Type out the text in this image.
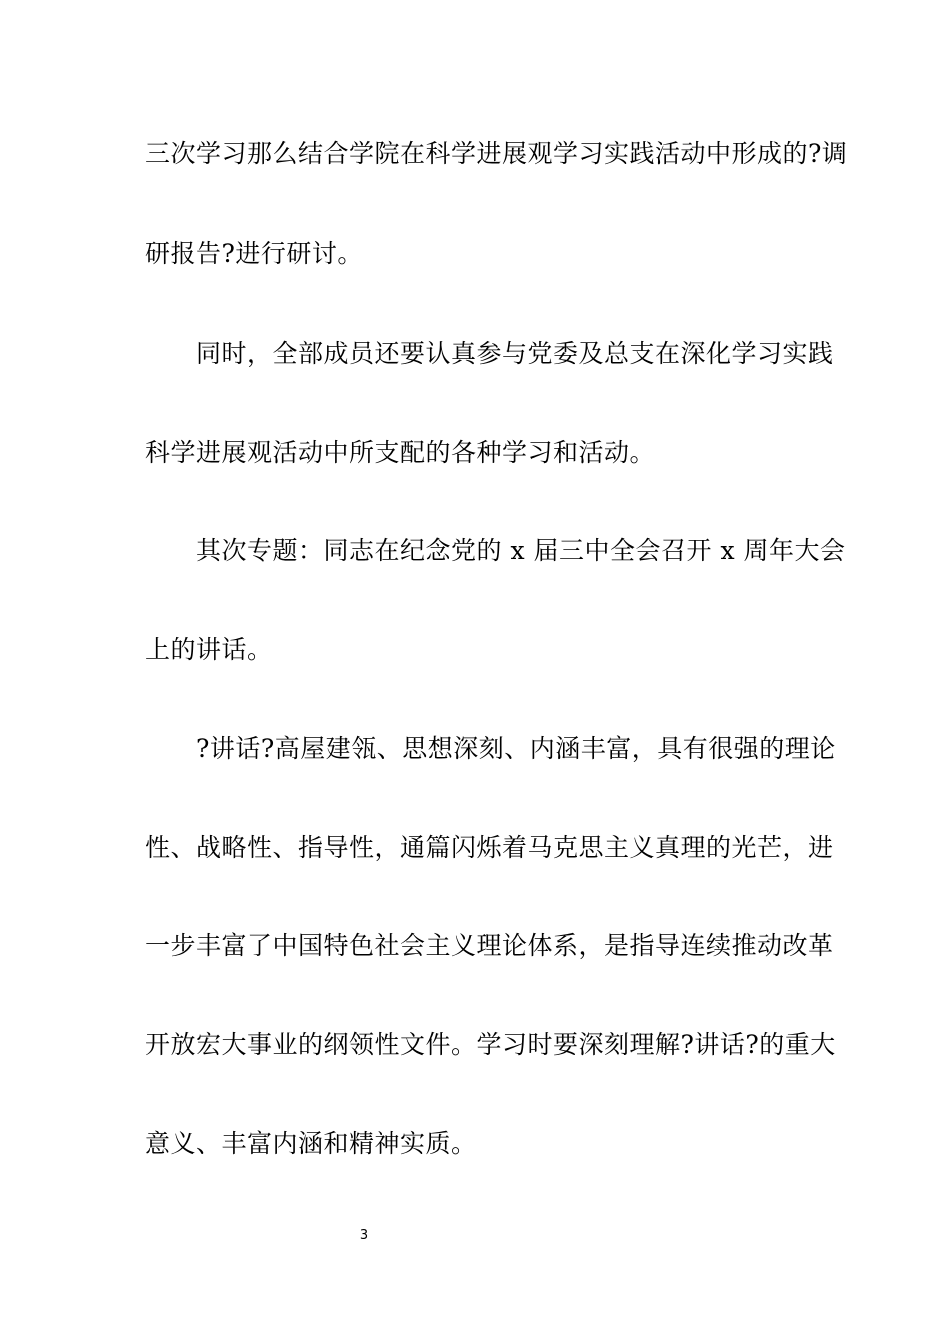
三次学习那么结合学院在科学进展观学习实践活动中形成的?调
研报告?进行研讨。
　　同时，全部成员还要认真参与党委及总支在深化学习实践
科学进展观活动中所支配的各种学习和活动。
　　其次专题：同志在纪念党的 x 届三中全会召开 x 周年大会
上的讲话。
　　?讲话?高屋建瓴、思想深刻、内涵丰富，具有很强的理论
性、战略性、指导性，通篇闪烁着马克思主义真理的光芒，进
一步丰富了中国特色社会主义理论体系，是指导连续推动改革
开放宏大事业的纲领性文件。学习时要深刻理解?讲话?的重大
意义、丰富内涵和精神实质。
3
